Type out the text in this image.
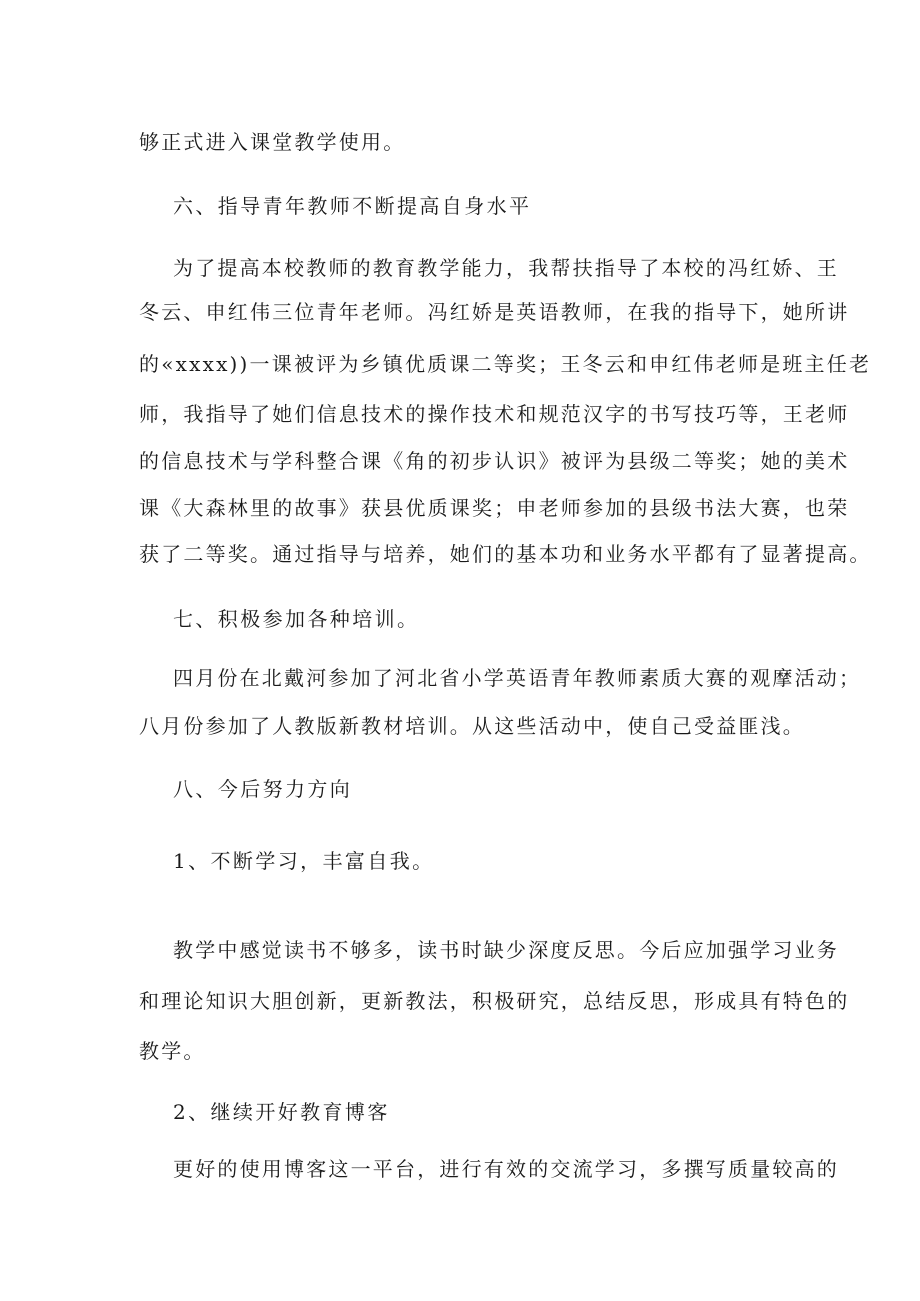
够正式进入课堂教学使用。
六、指导青年教师不断提高自身水平
为了提高本校教师的教育教学能力，我帮扶指导了本校的冯红娇、王
冬云、申红伟三位青年老师。冯红娇是英语教师，在我的指导下，她所讲
的«xxxx))一课被评为乡镇优质课二等奖；王冬云和申红伟老师是班主任老
师，我指导了她们信息技术的操作技术和规范汉字的书写技巧等，王老师
的信息技术与学科整合课《角的初步认识》被评为县级二等奖；她的美术
课《大森林里的故事》获县优质课奖；申老师参加的县级书法大赛，也荣
获了二等奖。通过指导与培养，她们的基本功和业务水平都有了显著提高。
七、积极参加各种培训。
四月份在北戴河参加了河北省小学英语青年教师素质大赛的观摩活动；
八月份参加了人教版新教材培训。从这些活动中，使自己受益匪浅。
八、今后努力方向
1、不断学习，丰富自我。
教学中感觉读书不够多，读书时缺少深度反思。今后应加强学习业务
和理论知识大胆创新，更新教法，积极研究，总结反思，形成具有特色的
教学。
2、继续开好教育博客
更好的使用博客这一平台，进行有效的交流学习，多撰写质量较高的
